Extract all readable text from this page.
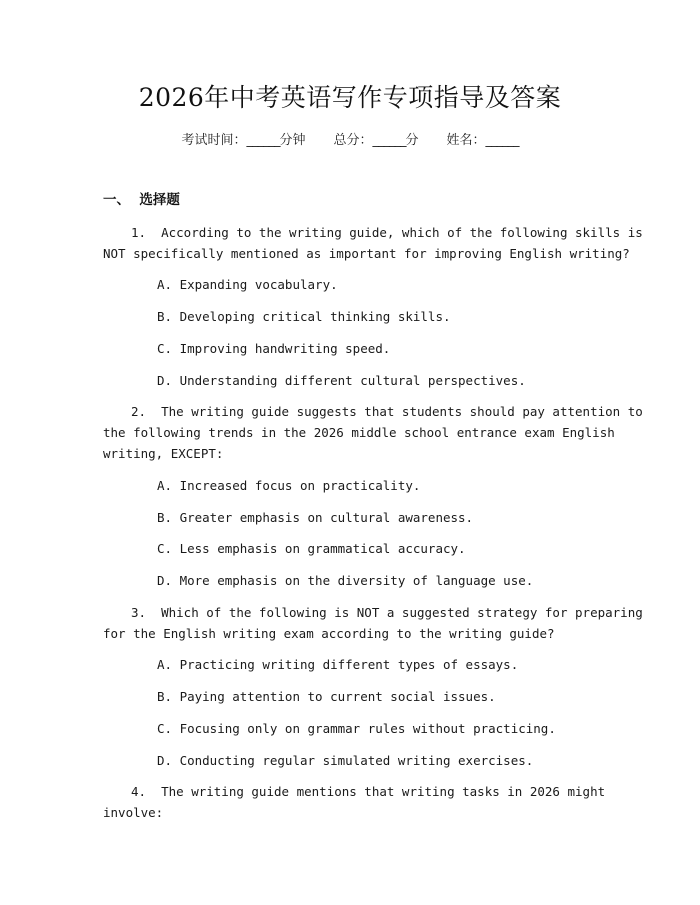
2026年中考英语写作专项指导及答案
考试时间：______分钟 总分：______分 姓名：______
一、  选择题
1.  According to the writing guide, which of the following skills is
NOT specifically mentioned as important for improving English writing?
A. Expanding vocabulary.
B. Developing critical thinking skills.
C. Improving handwriting speed.
D. Understanding different cultural perspectives.
2.  The writing guide suggests that students should pay attention to
the following trends in the 2026 middle school entrance exam English
writing, EXCEPT:
A. Increased focus on practicality.
B. Greater emphasis on cultural awareness.
C. Less emphasis on grammatical accuracy.
D. More emphasis on the diversity of language use.
3.  Which of the following is NOT a suggested strategy for preparing
for the English writing exam according to the writing guide?
A. Practicing writing different types of essays.
B. Paying attention to current social issues.
C. Focusing only on grammar rules without practicing.
D. Conducting regular simulated writing exercises.
4.  The writing guide mentions that writing tasks in 2026 might
involve:
